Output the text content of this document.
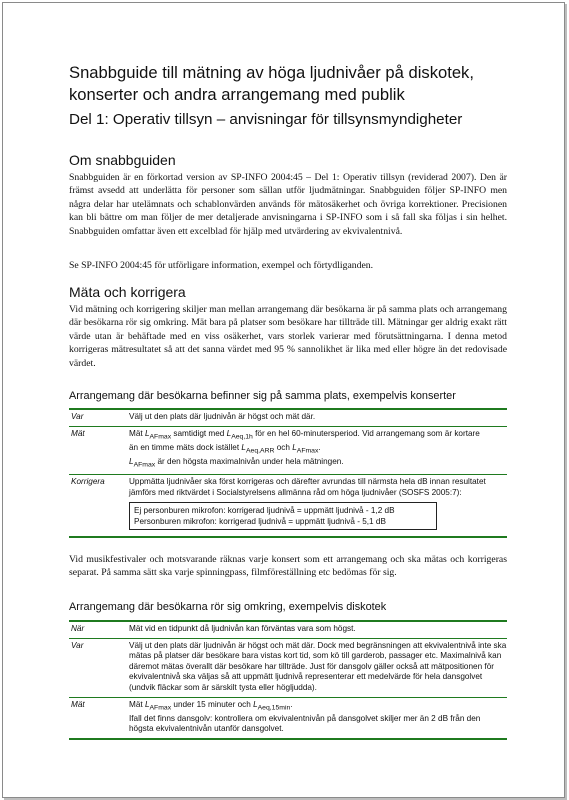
Snabbguide till mätning av höga ljudnivåer på diskotek,
konserter och andra arrangemang med publik

Del 1: Operativ tillsyn – anvisningar för tillsynsmyndigheter

Om snabbguiden

Snabbguiden är en förkortad version av SP-INFO 2004:45 – Del 1: Operativ tillsyn (reviderad 2007). Den är främst avsedd att underlätta för personer som sällan utför ljudmätningar. Snabbguiden följer SP-INFO men några delar har utelämnats och schablonvärden används för mätosäkerhet och övriga korrektioner. Precisionen kan bli bättre om man följer de mer detaljerade anvisningarna i SP-INFO som i så fall ska följas i sin helhet. Snabbguiden omfattar även ett excelblad för hjälp med utvärdering av ekvivalentnivå.

Se SP-INFO 2004:45 för utförligare information, exempel och förtydliganden.

Mäta och korrigera

Vid mätning och korrigering skiljer man mellan arrangemang där besökarna är på samma plats och arrangemang där besökarna rör sig omkring. Mät bara på platser som besökare har tillträde till. Mätningar ger aldrig exakt rätt värde utan är behäftade med en viss osäkerhet, vars storlek varierar med förutsättningarna. I denna metod korrigeras mätresultatet så att det sanna värdet med 95 % sannolikhet är lika med eller högre än det redovisade värdet.

Arrangemang där besökarna befinner sig på samma plats, exempelvis konserter

Var	Välj ut den plats där ljudnivån är högst och mät där.
Mät	Mät $L_{AFmax}$ samtidigt med $L_{Aeq,1h}$ för en hel 60-minutersperiod. Vid arrangemang som är kortare
än en timme mäts dock istället $L_{Aeq,ARR}$ och $L_{AFmax}$.
$L_{AFmax}$ är den högsta maximalnivån under hela mätningen.
Korrigera	Uppmätta ljudnivåer ska först korrigeras och därefter avrundas till närmsta hela dB innan resultatet jämförs med riktvärdet i Socialstyrelsens allmänna råd om höga ljudnivåer (SOSFS 2005:7):
Ej personburen mikrofon: korrigerad ljudnivå = uppmätt ljudnivå - 1,2 dB
Personburen mikrofon: korrigerad ljudnivå = uppmätt ljudnivå - 5,1 dB

Vid musikfestivaler och motsvarande räknas varje konsert som ett arrangemang och ska mätas och korrigeras separat. På samma sätt ska varje spinningpass, filmföreställning etc bedömas för sig.

Arrangemang där besökarna rör sig omkring, exempelvis diskotek

När	Mät vid en tidpunkt då ljudnivån kan förväntas vara som högst.
Var	Välj ut den plats där ljudnivån är högst och mät där. Dock med begränsningen att ekvivalentnivå inte ska mätas på platser där besökare bara vistas kort tid, som kö till garderob, passager etc. Maximalnivå kan däremot mätas överallt där besökare har tillträde. Just för dansgolv gäller också att mätpositionen för ekvivalentnivå ska väljas så att uppmätt ljudnivå representerar ett medelvärde för hela dansgolvet (undvik fläckar som är särskilt tysta eller högljudda).
Mät	Mät $L_{AFmax}$ under 15 minuter och $L_{Aeq,15min}$.
Ifall det finns dansgolv: kontrollera om ekvivalentnivån på dansgolvet skiljer mer än 2 dB från den högsta ekvivalentnivån utanför dansgolvet.
